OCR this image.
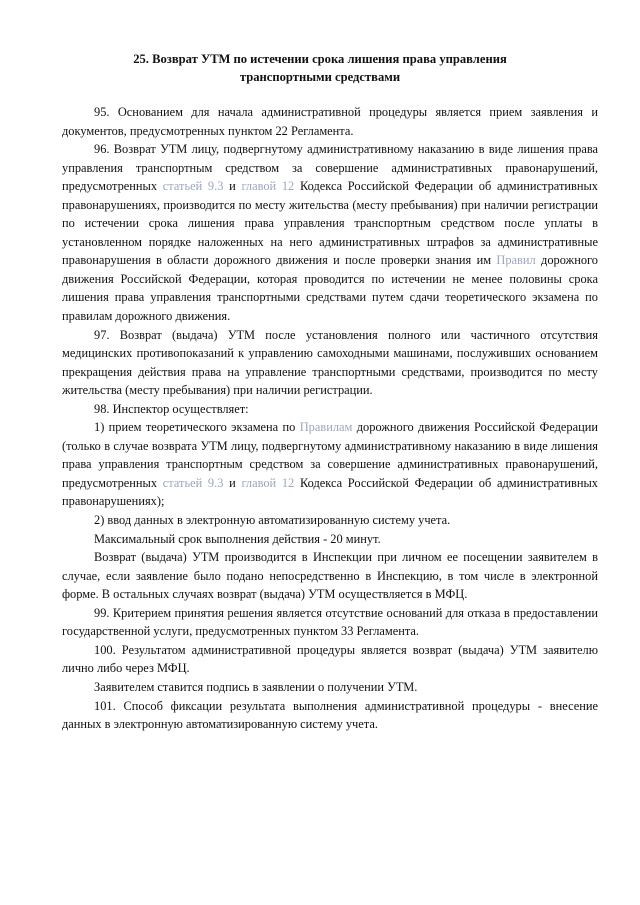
25. Возврат УТМ по истечении срока лишения права управления
транспортными средствами

95. Основанием для начала административной процедуры является прием заявления и документов, предусмотренных пунктом 22 Регламента.

96. Возврат УТМ лицу, подвергнутому административному наказанию в виде лишения права управления транспортным средством за совершение административных правонарушений, предусмотренных статьей 9.3 и главой 12 Кодекса Российской Федерации об административных правонарушениях, производится по месту жительства (месту пребывания) при наличии регистрации по истечении срока лишения права управления транспортным средством после уплаты в установленном порядке наложенных на него административных штрафов за административные правонарушения в области дорожного движения и после проверки знания им Правил дорожного движения Российской Федерации, которая проводится по истечении не менее половины срока лишения права управления транспортными средствами путем сдачи теоретического экзамена по правилам дорожного движения.

97. Возврат (выдача) УТМ после установления полного или частичного отсутствия медицинских противопоказаний к управлению самоходными машинами, послуживших основанием прекращения действия права на управление транспортными средствами, производится по месту жительства (месту пребывания) при наличии регистрации.

98. Инспектор осуществляет:

1) прием теоретического экзамена по Правилам дорожного движения Российской Федерации (только в случае возврата УТМ лицу, подвергнутому административному наказанию в виде лишения права управления транспортным средством за совершение административных правонарушений, предусмотренных статьей 9.3 и главой 12 Кодекса Российской Федерации об административных правонарушениях);

2) ввод данных в электронную автоматизированную систему учета.

Максимальный срок выполнения действия - 20 минут.

Возврат (выдача) УТМ производится в Инспекции при личном ее посещении заявителем в случае, если заявление было подано непосредственно в Инспекцию, в том числе в электронной форме. В остальных случаях возврат (выдача) УТМ осуществляется в МФЦ.

99. Критерием принятия решения является отсутствие оснований для отказа в предоставлении государственной услуги, предусмотренных пунктом 33 Регламента.

100. Результатом административной процедуры является возврат (выдача) УТМ заявителю лично либо через МФЦ.

Заявителем ставится подпись в заявлении о получении УТМ.

101. Способ фиксации результата выполнения административной процедуры - внесение данных в электронную автоматизированную систему учета.
